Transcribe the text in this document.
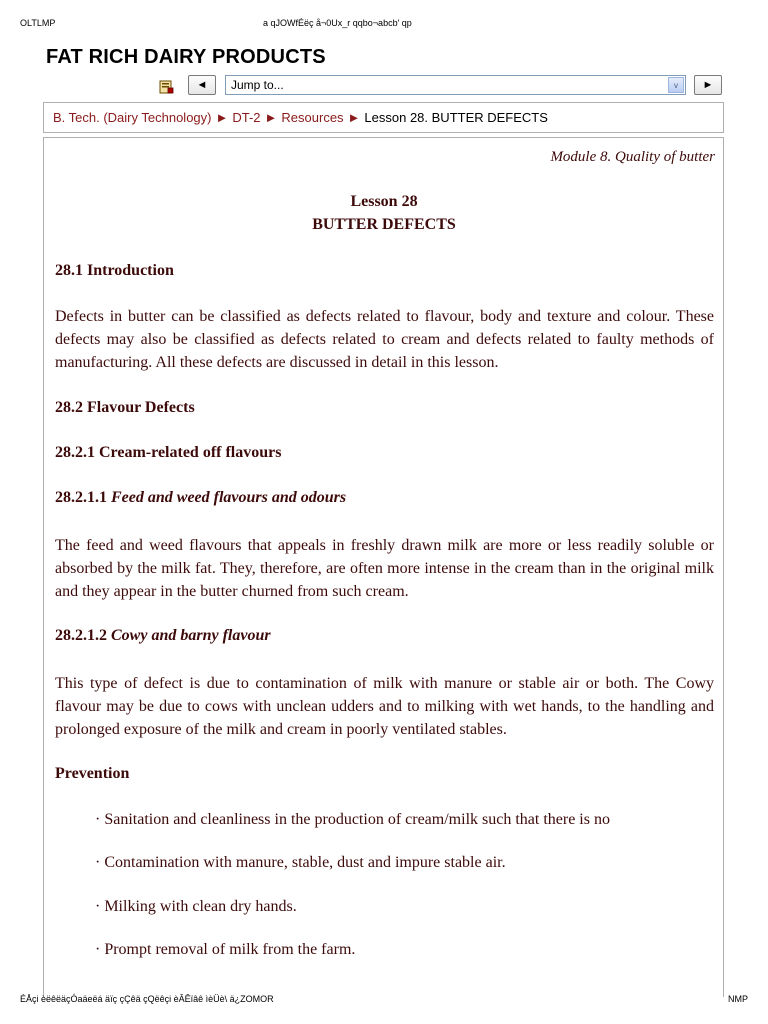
OLTLMP	a qJOWfÉëç å¬0Ux_r qqbo¬abcb' qp
FAT RICH DAIRY PRODUCTS
◄	Jump to...	v	►
B. Tech. (Dairy Technology) ► DT-2 ► Resources ► Lesson 28. BUTTER DEFECTS
Module 8. Quality of butter
Lesson 28
BUTTER DEFECTS
28.1 Introduction
Defects in butter can be classified as defects related to flavour, body and texture and colour. These defects may also be classified as defects related to cream and defects related to faulty methods of manufacturing. All these defects are discussed in detail in this lesson.
28.2 Flavour Defects
28.2.1 Cream-related off flavours
28.2.1.1 Feed and weed flavours and odours
The feed and weed flavours that appeals in freshly drawn milk are more or less readily soluble or absorbed by the milk fat. They, therefore, are often more intense in the cream than in the original milk and they appear in the butter churned from such cream.
28.2.1.2 Cowy and barny flavour
This type of defect is due to contamination of milk with manure or stable air or both. The Cowy flavour may be due to cows with unclean udders and to milking with wet hands, to the handling and prolonged exposure of the milk and cream in poorly ventilated stables.
Prevention
· Sanitation and cleanliness in the production of cream/milk such that there is no
· Contamination with manure, stable, dust and impure stable air.
· Milking with clean dry hands.
· Prompt removal of milk from the farm.
ÉÅçi èëêëäçÓaäeëá äïç çÇêä çQëêçi èÂÊïâê ìèÜè\ ä¿ZOMOR	NMP
